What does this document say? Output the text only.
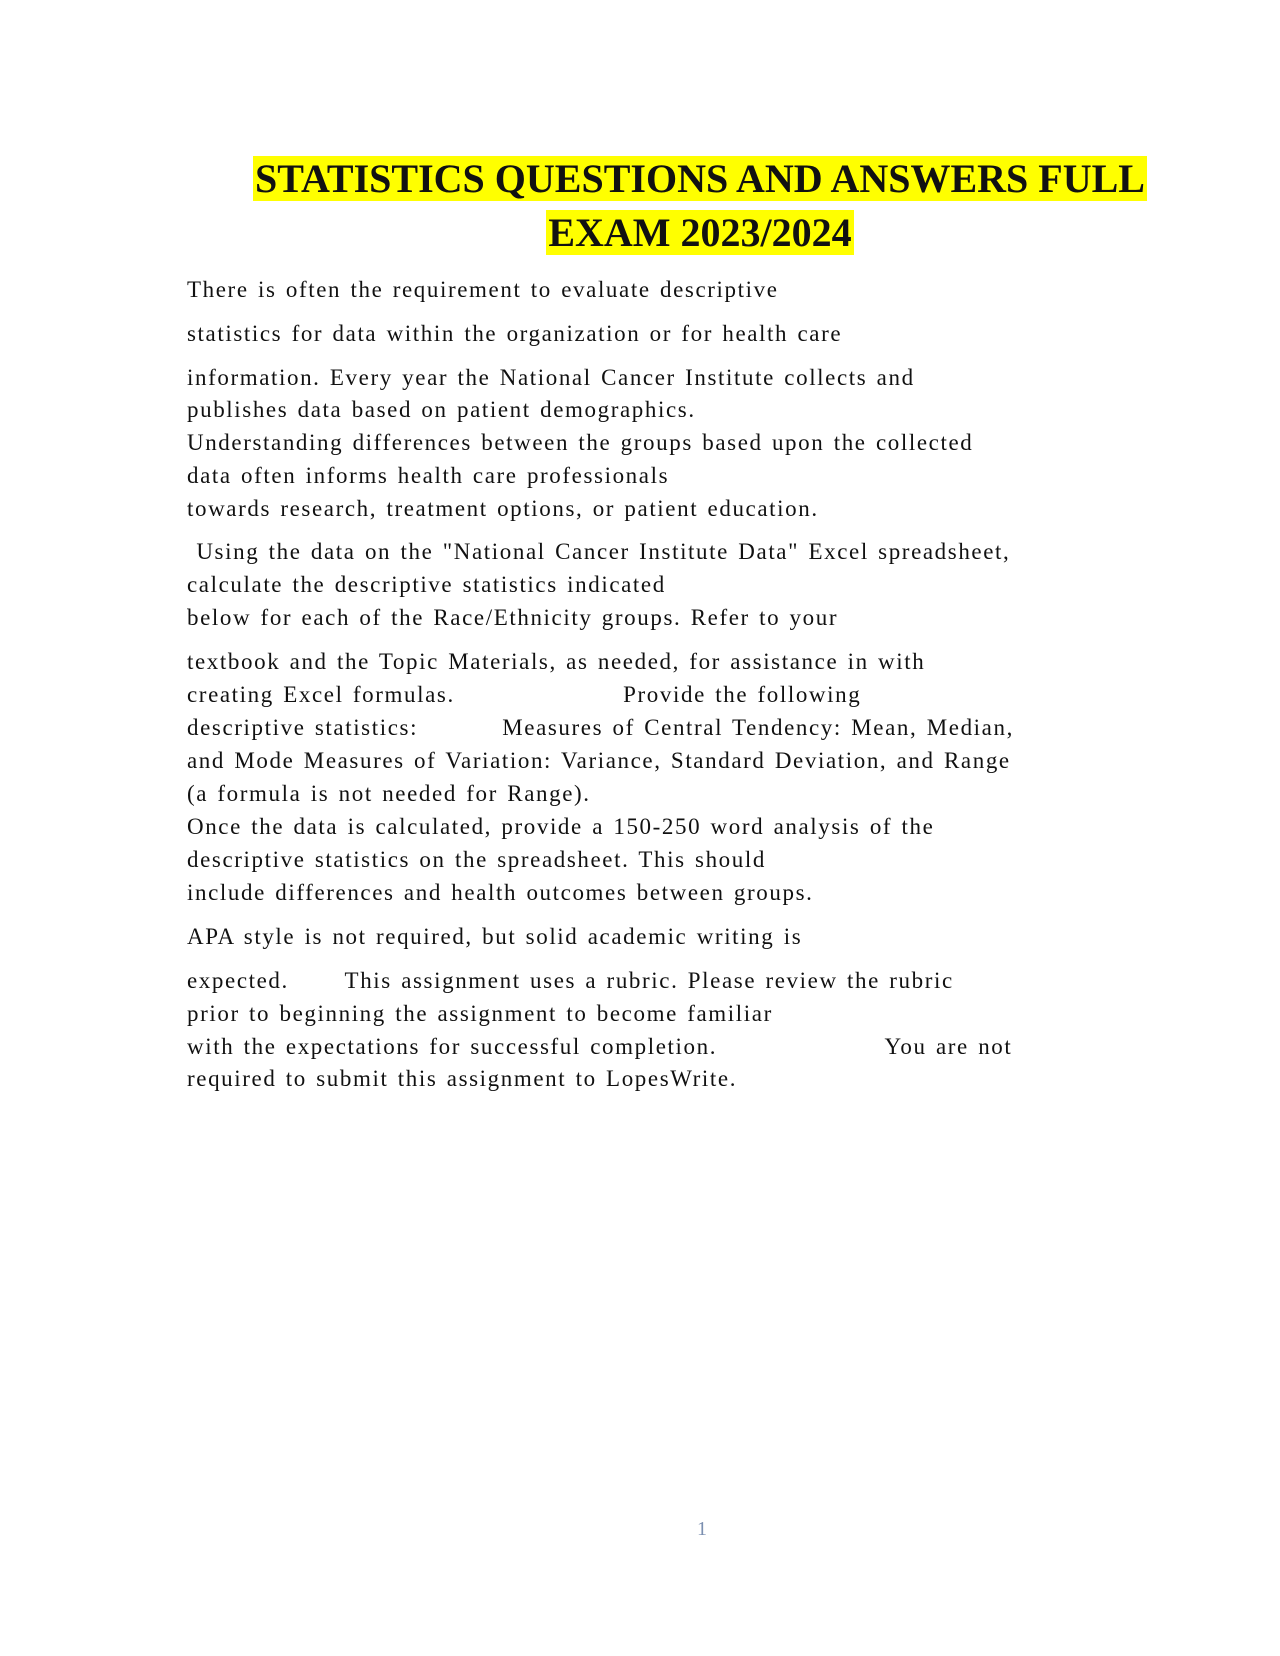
STATISTICS QUESTIONS AND ANSWERS FULL
EXAM 2023/2024

There is often the requirement to evaluate descriptive

statistics for data within the organization or for health care

information. Every year the National Cancer Institute collects and

publishes data based on patient demographics.

Understanding differences between the groups based upon the collected

data often informs health care professionals

towards research, treatment options, or patient education.

Using the data on the "National Cancer Institute Data" Excel spreadsheet,

calculate the descriptive statistics indicated

below for each of the Race/Ethnicity groups. Refer to your

textbook and the Topic Materials, as needed, for assistance in with

creating Excel formulas.                  Provide the following

descriptive statistics:         Measures of Central Tendency: Mean, Median,

and Mode Measures of Variation: Variance, Standard Deviation, and Range

(a formula is not needed for Range).

Once the data is calculated, provide a 150-250 word analysis of the

descriptive statistics on the spreadsheet. This should

include differences and health outcomes between groups.

APA style is not required, but solid academic writing is

expected.      This assignment uses a rubric. Please review the rubric

prior to beginning the assignment to become familiar

with the expectations for successful completion.                  You are not

required to submit this assignment to LopesWrite.

1
